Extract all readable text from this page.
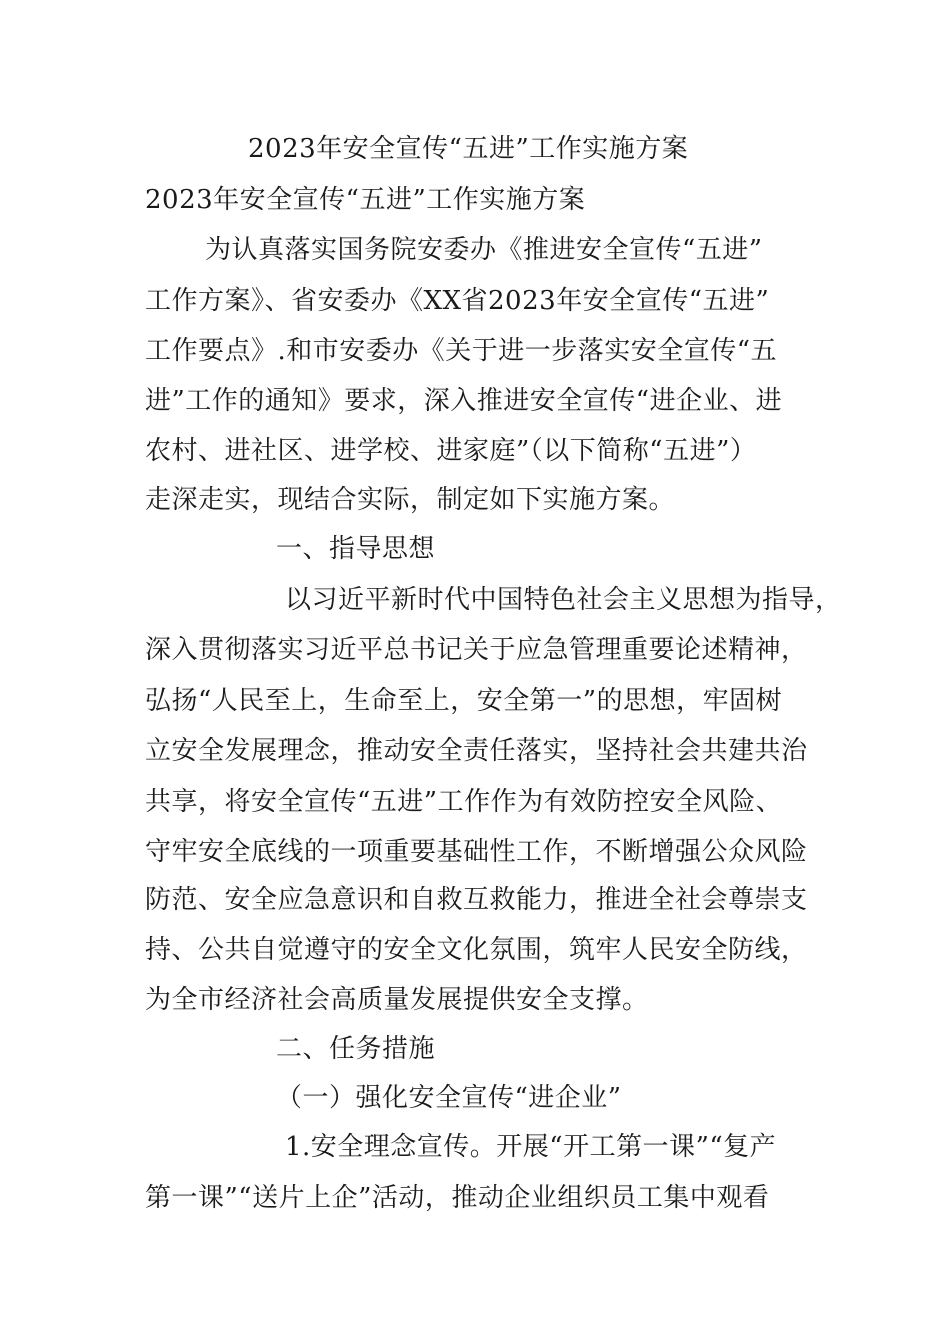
2023年安全宣传“五进”工作实施方案
2023年安全宣传“五进”工作实施方案
为认真落实国务院安委办《推进安全宣传“五进”
工作方案》、省安委办《XX省2023年安全宣传“五进”
工作要点》.和市安委办《关于进一步落实安全宣传“五
进”工作的通知》要求，深入推进安全宣传“进企业、进
农村、进社区、进学校、进家庭”（以下简称“五进”）
走深走实，现结合实际，制定如下实施方案。
一、指导思想
以习近平新时代中国特色社会主义思想为指导，
深入贯彻落实习近平总书记关于应急管理重要论述精神，
弘扬“人民至上，生命至上，安全第一”的思想，牢固树
立安全发展理念，推动安全责任落实，坚持社会共建共治
共享，将安全宣传“五进”工作作为有效防控安全风险、
守牢安全底线的一项重要基础性工作，不断增强公众风险
防范、安全应急意识和自救互救能力，推进全社会尊崇支
持、公共自觉遵守的安全文化氛围，筑牢人民安全防线，
为全市经济社会高质量发展提供安全支撑。
二、任务措施
（一）强化安全宣传“进企业”
1.安全理念宣传。开展“开工第一课”“复产
第一课”“送片上企”活动，推动企业组织员工集中观看
